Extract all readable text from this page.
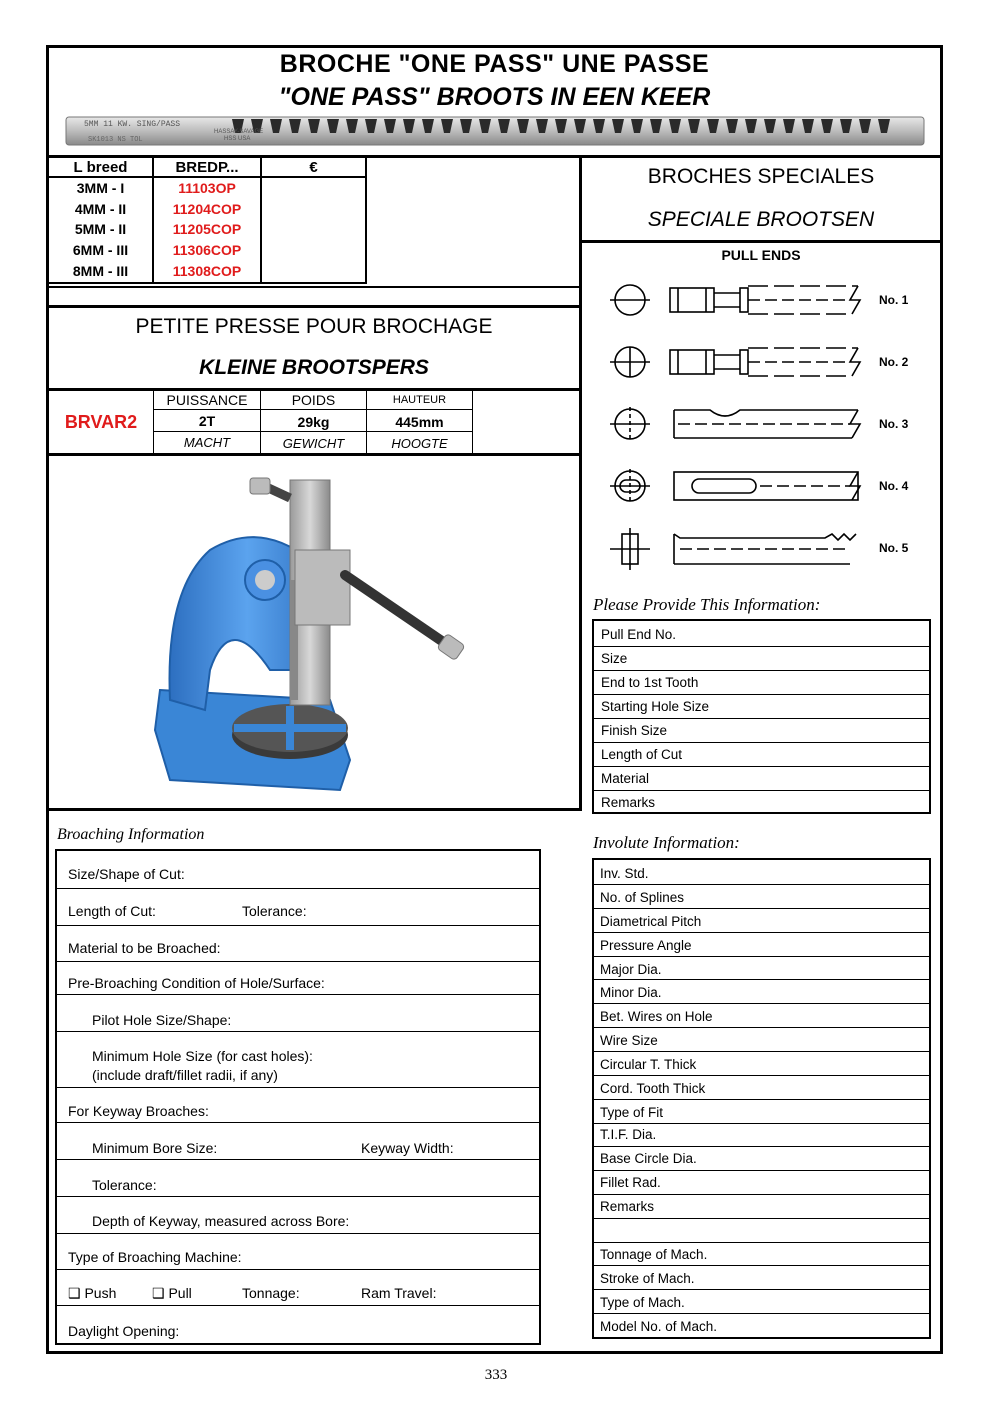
BROCHE "ONE PASS" UNE PASSE
"ONE PASS" BROOTS IN EEN KEER
5MM 11 KW. SING/PASS
SK1013 NS TOL
HASSAY-SAVAGE
HSS USA
L breed	BREDP...	€
3MM - I	11103OP
4MM - II	11204COP
5MM - II	11205COP
6MM - III	11306COP
8MM - III	11308COP
BROCHES SPECIALES
SPECIALE BROOTSEN
PULL ENDS
No. 1
No. 2
No. 3
No. 4
No. 5
Please Provide This Information:
Pull End No.
Size
End to 1st Tooth
Starting Hole Size
Finish Size
Length of Cut
Material
Remarks
PETITE PRESSE POUR BROCHAGE
KLEINE BROOTSPERS
BRVAR2
PUISSANCE	POIDS	HAUTEUR
2T	29kg	445mm
MACHT	GEWICHT	HOOGTE
Broaching Information
Size/Shape of Cut:
Length of Cut:	Tolerance:
Material to be Broached:
Pre-Broaching Condition of Hole/Surface:
Pilot Hole Size/Shape:
Minimum Hole Size (for cast holes):
(include draft/fillet radii, if any)
For Keyway Broaches:
Minimum Bore Size:	Keyway Width:
Tolerance:
Depth of Keyway, measured across Bore:
Type of Broaching Machine:
❑ Push	❑ Pull	Tonnage:	Ram Travel:
Daylight Opening:
Involute Information:
Inv. Std.
No. of Splines
Diametrical Pitch
Pressure Angle
Major Dia.
Minor Dia.
Bet. Wires on Hole
Wire Size
Circular T. Thick
Cord. Tooth Thick
Type of Fit
T.I.F. Dia.
Base Circle Dia.
Fillet Rad.
Remarks
Tonnage of Mach.
Stroke of Mach.
Type of Mach.
Model No. of Mach.
333
